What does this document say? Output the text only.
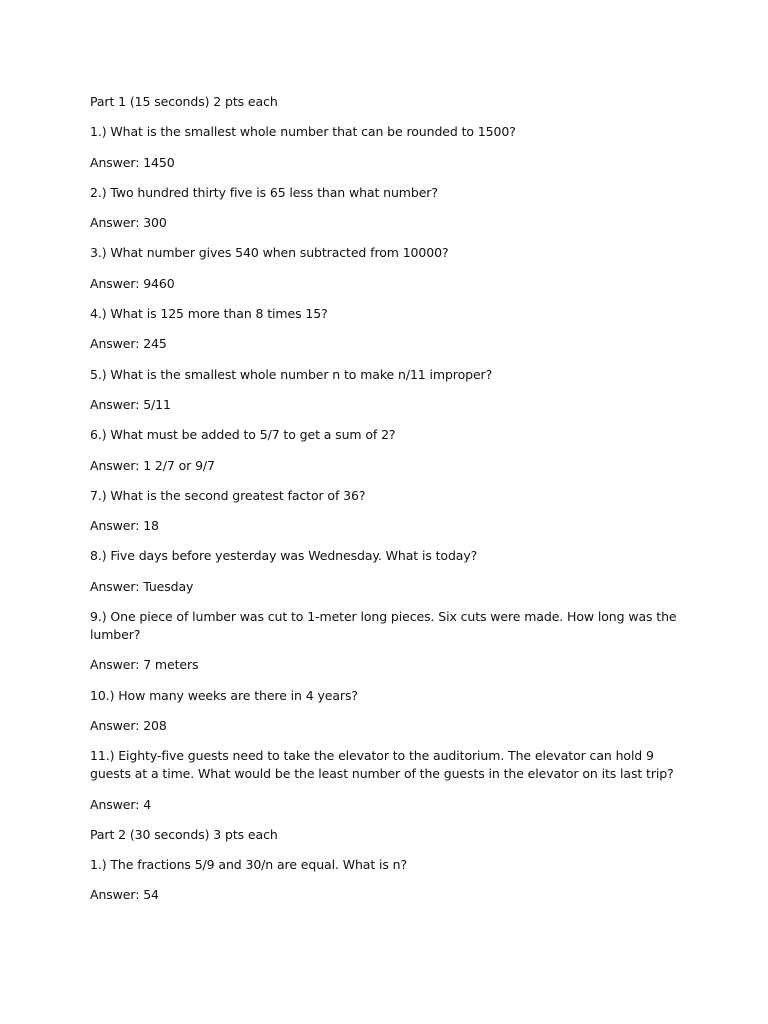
Part 1 (15 seconds) 2 pts each
1.) What is the smallest whole number that can be rounded to 1500?
Answer: 1450
2.) Two hundred thirty five is 65 less than what number?
Answer: 300
3.) What number gives 540 when subtracted from 10000?
Answer: 9460
4.) What is 125 more than 8 times 15?
Answer: 245
5.) What is the smallest whole number n to make n/11 improper?
Answer: 5/11
6.) What must be added to 5/7 to get a sum of 2?
Answer: 1 2/7 or 9/7
7.) What is the second greatest factor of 36?
Answer: 18
8.) Five days before yesterday was Wednesday. What is today?
Answer: Tuesday
9.) One piece of lumber was cut to 1-meter long pieces. Six cuts were made. How long was the lumber?
Answer: 7 meters
10.) How many weeks are there in 4 years?
Answer: 208
11.) Eighty-five guests need to take the elevator to the auditorium. The elevator can hold 9 guests at a time. What would be the least number of the guests in the elevator on its last trip?
Answer: 4
Part 2 (30 seconds) 3 pts each
1.) The fractions 5/9 and 30/n are equal. What is n?
Answer: 54
